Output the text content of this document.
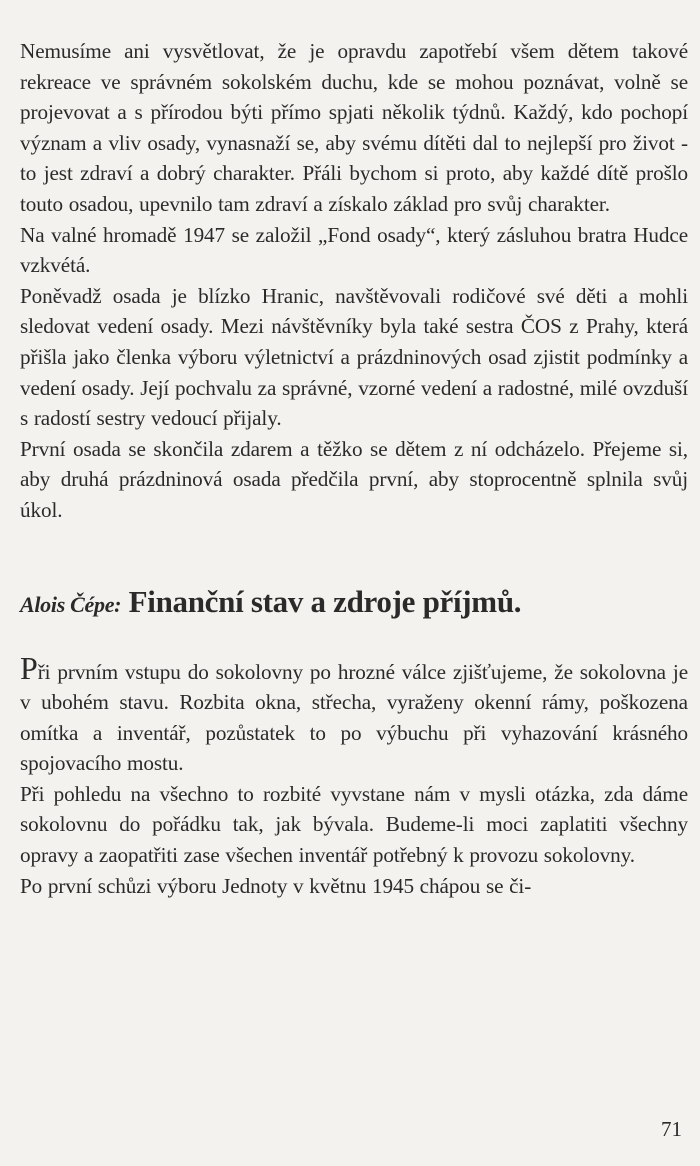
Nemusíme ani vysvětlovat, že je opravdu zapotřebí všem dětem takové rekreace ve správném sokolském duchu, kde se mohou poznávat, volně se projevovat a s přírodou býti přímo spjati několik týdnů. Každý, kdo pochopí význam a vliv osady, vynasnaží se, aby svému dítěti dal to nejlepší pro život - to jest zdraví a dobrý charakter. Přáli bychom si proto, aby každé dítě prošlo touto osadou, upevnilo tam zdraví a získalo základ pro svůj charakter.

Na valné hromadě 1947 se založil „Fond osady“, který zásluhou bratra Hudce vzkvétá.

Poněvadž osada je blízko Hranic, navštěvovali rodičové své děti a mohli sledovat vedení osady. Mezi návštěvníky byla také sestra ČOS z Prahy, která přišla jako členka výboru výletnictví a prázdninových osad zjistit podmínky a vedení osady. Její pochvalu za správné, vzorné vedení a radostné, milé ovzduší s radostí sestry vedoucí přijaly.

První osada se skončila zdarem a těžko se dětem z ní odcházelo. Přejeme si, aby druhá prázdninová osada předčila první, aby stoprocentně splnila svůj úkol.

Alois Čépe: Finanční stav a zdroje příjmů.

Při prvním vstupu do sokolovny po hrozné válce zjišťujeme, že sokolovna je v ubohém stavu. Rozbita okna, střecha, vyraženy okenní rámy, poškozena omítka a inventář, pozůstatek to po výbuchu při vyhazování krásného spojovacího mostu.

Při pohledu na všechno to rozbité vyvstane nám v mysli otázka, zda dáme sokolovnu do pořádku tak, jak bývala. Budeme-li moci zaplatiti všechny opravy a zaopatřiti zase všechen inventář potřebný k provozu sokolovny.

Po první schůzi výboru Jednoty v květnu 1945 chápou se či-

71
